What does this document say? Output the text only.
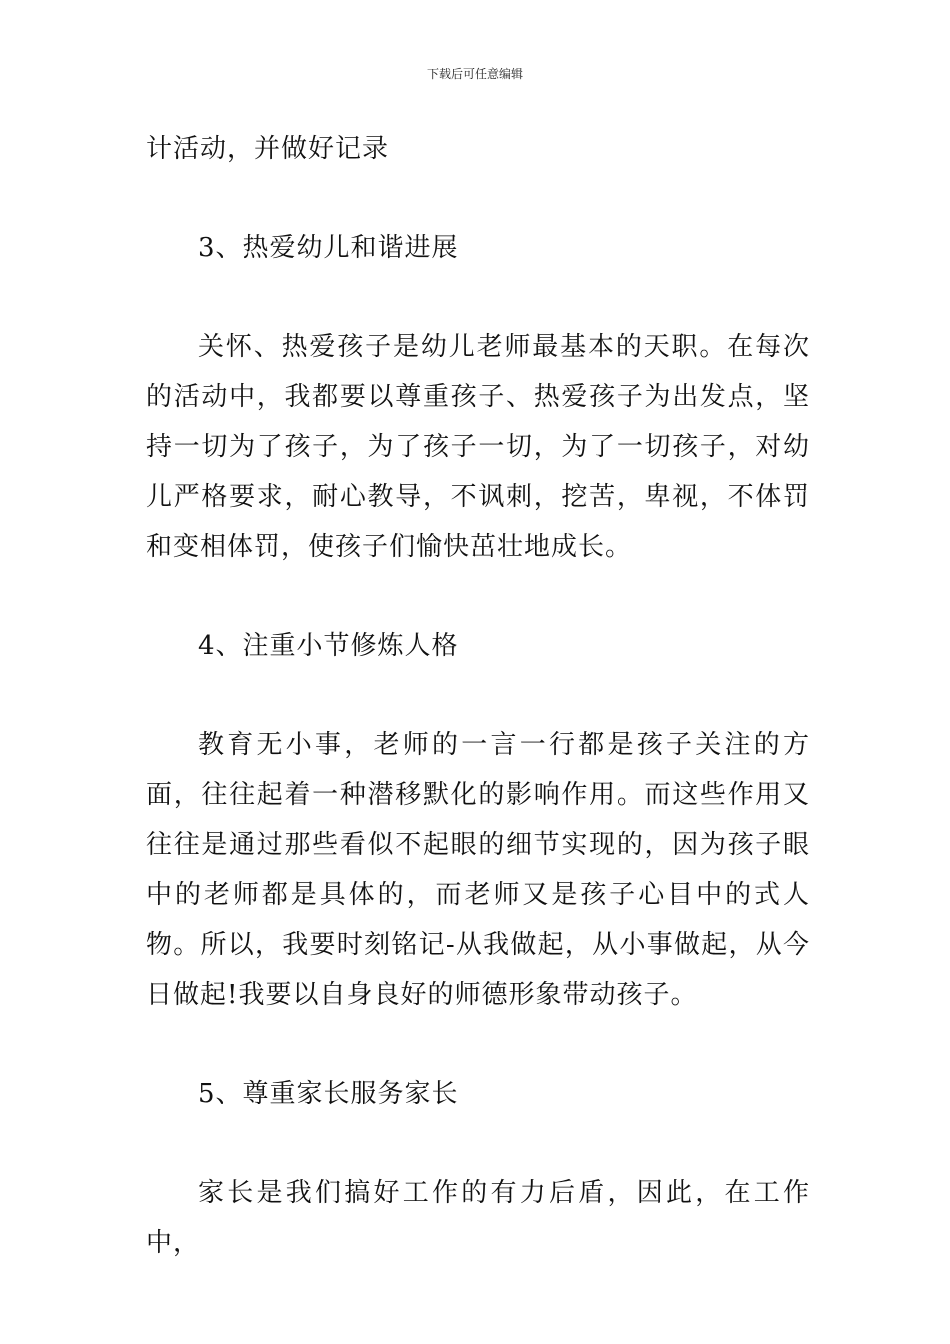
下载后可任意编辑

计活动，并做好记录

3、热爱幼儿和谐进展

关怀、热爱孩子是幼儿老师最基本的天职。在每次的活动中，我都要以尊重孩子、热爱孩子为出发点，坚持一切为了孩子，为了孩子一切，为了一切孩子，对幼儿严格要求，耐心教导，不讽刺，挖苦，卑视，不体罚和变相体罚，使孩子们愉快茁壮地成长。

4、注重小节修炼人格

教育无小事，老师的一言一行都是孩子关注的方面，往往起着一种潜移默化的影响作用。而这些作用又往往是通过那些看似不起眼的细节实现的，因为孩子眼中的老师都是具体的，而老师又是孩子心目中的式人物。所以，我要时刻铭记-从我做起，从小事做起，从今日做起!我要以自身良好的师德形象带动孩子。

5、尊重家长服务家长

家长是我们搞好工作的有力后盾，因此，在工作中，
